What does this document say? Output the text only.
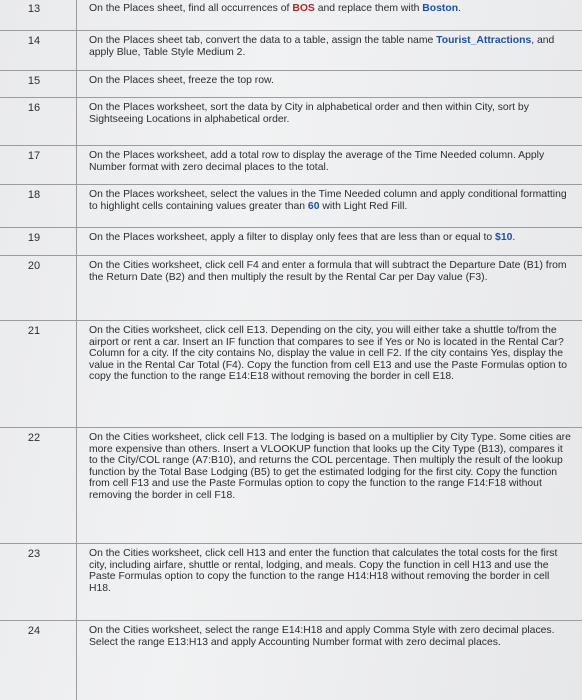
13	On the Places sheet, find all occurrences of BOS and replace them with Boston.
14	On the Places sheet tab, convert the data to a table, assign the table name Tourist_Attractions, and apply Blue, Table Style Medium 2.
15	On the Places sheet, freeze the top row.
16	On the Places worksheet, sort the data by City in alphabetical order and then within City, sort by Sightseeing Locations in alphabetical order.
17	On the Places worksheet, add a total row to display the average of the Time Needed column. Apply Number format with zero decimal places to the total.
18	On the Places worksheet, select the values in the Time Needed column and apply conditional formatting to highlight cells containing values greater than 60 with Light Red Fill.
19	On the Places worksheet, apply a filter to display only fees that are less than or equal to $10.
20	On the Cities worksheet, click cell F4 and enter a formula that will subtract the Departure Date (B1) from the Return Date (B2) and then multiply the result by the Rental Car per Day value (F3).
21	On the Cities worksheet, click cell E13. Depending on the city, you will either take a shuttle to/from the airport or rent a car. Insert an IF function that compares to see if Yes or No is located in the Rental Car? Column for a city. If the city contains No, display the value in cell F2. If the city contains Yes, display the value in the Rental Car Total (F4). Copy the function from cell E13 and use the Paste Formulas option to copy the function to the range E14:E18 without removing the border in cell E18.
22	On the Cities worksheet, click cell F13. The lodging is based on a multiplier by City Type. Some cities are more expensive than others. Insert a VLOOKUP function that looks up the City Type (B13), compares it to the City/COL range (A7:B10), and returns the COL percentage. Then multiply the result of the lookup function by the Total Base Lodging (B5) to get the estimated lodging for the first city. Copy the function from cell F13 and use the Paste Formulas option to copy the function to the range F14:F18 without removing the border in cell F18.
23	On the Cities worksheet, click cell H13 and enter the function that calculates the total costs for the first city, including airfare, shuttle or rental, lodging, and meals. Copy the function in cell H13 and use the Paste Formulas option to copy the function to the range H14:H18 without removing the border in cell H18.
24	On the Cities worksheet, select the range E14:H18 and apply Comma Style with zero decimal places. Select the range E13:H13 and apply Accounting Number format with zero decimal places.
